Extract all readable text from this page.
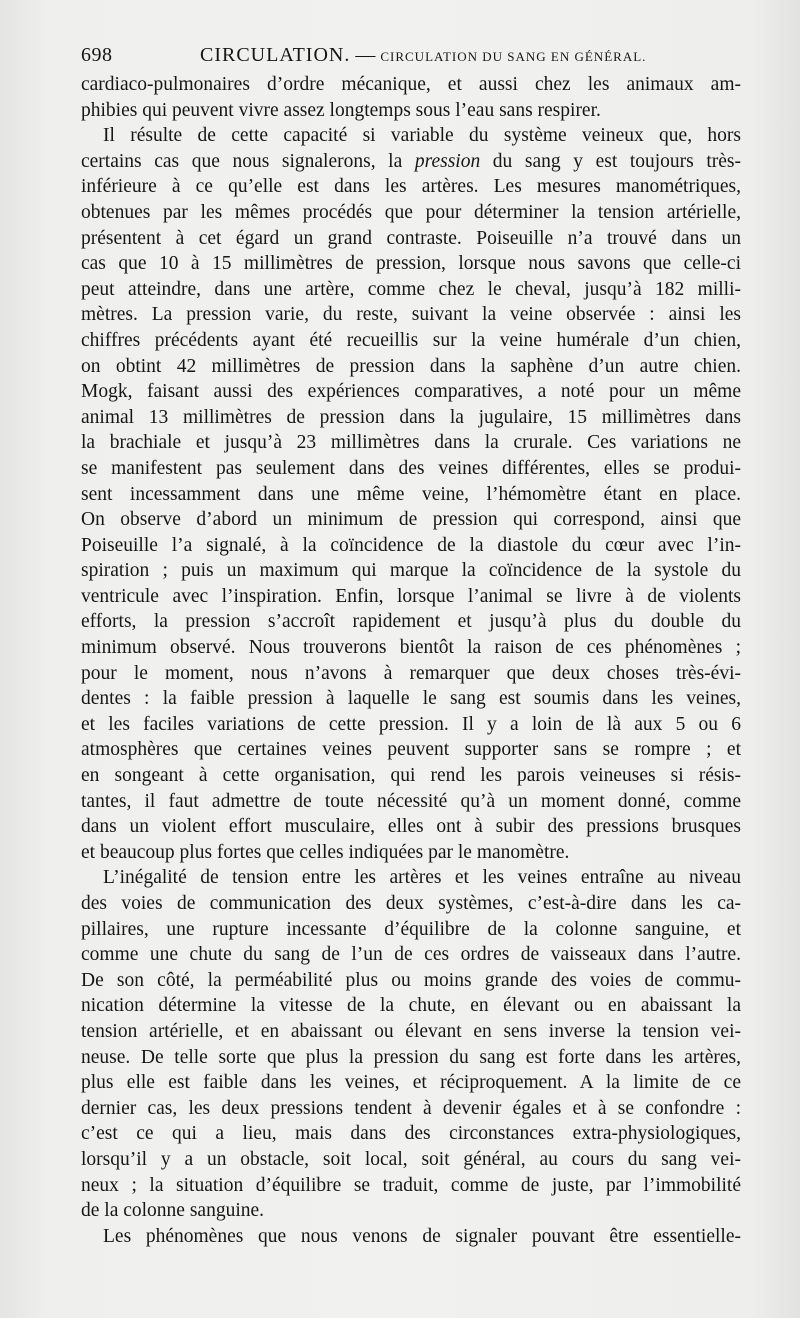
698	CIRCULATION. — CIRCULATION DU SANG EN GÉNÉRAL.
cardiaco-pulmonaires d’ordre mécanique, et aussi chez les animaux am-
phibies qui peuvent vivre assez longtemps sous l’eau sans respirer.
Il résulte de cette capacité si variable du système veineux que, hors
certains cas que nous signalerons, la pression du sang y est toujours très-
inférieure à ce qu’elle est dans les artères. Les mesures manométriques,
obtenues par les mêmes procédés que pour déterminer la tension artérielle,
présentent à cet égard un grand contraste. Poiseuille n’a trouvé dans un
cas que 10 à 15 millimètres de pression, lorsque nous savons que celle-ci
peut atteindre, dans une artère, comme chez le cheval, jusqu’à 182 milli-
mètres. La pression varie, du reste, suivant la veine observée : ainsi les
chiffres précédents ayant été recueillis sur la veine humérale d’un chien,
on obtint 42 millimètres de pression dans la saphène d’un autre chien.
Mogk, faisant aussi des expériences comparatives, a noté pour un même
animal 13 millimètres de pression dans la jugulaire, 15 millimètres dans
la brachiale et jusqu’à 23 millimètres dans la crurale. Ces variations ne
se manifestent pas seulement dans des veines différentes, elles se produi-
sent incessamment dans une même veine, l’hémomètre étant en place.
On observe d’abord un minimum de pression qui correspond, ainsi que
Poiseuille l’a signalé, à la coïncidence de la diastole du cœur avec l’in-
spiration ; puis un maximum qui marque la coïncidence de la systole du
ventricule avec l’inspiration. Enfin, lorsque l’animal se livre à de violents
efforts, la pression s’accroît rapidement et jusqu’à plus du double du
minimum observé. Nous trouverons bientôt la raison de ces phénomènes ;
pour le moment, nous n’avons à remarquer que deux choses très-évi-
dentes : la faible pression à laquelle le sang est soumis dans les veines,
et les faciles variations de cette pression. Il y a loin de là aux 5 ou 6
atmosphères que certaines veines peuvent supporter sans se rompre ; et
en songeant à cette organisation, qui rend les parois veineuses si résis-
tantes, il faut admettre de toute nécessité qu’à un moment donné, comme
dans un violent effort musculaire, elles ont à subir des pressions brusques
et beaucoup plus fortes que celles indiquées par le manomètre.
L’inégalité de tension entre les artères et les veines entraîne au niveau
des voies de communication des deux systèmes, c’est-à-dire dans les ca-
pillaires, une rupture incessante d’équilibre de la colonne sanguine, et
comme une chute du sang de l’un de ces ordres de vaisseaux dans l’autre.
De son côté, la perméabilité plus ou moins grande des voies de commu-
nication détermine la vitesse de la chute, en élevant ou en abaissant la
tension artérielle, et en abaissant ou élevant en sens inverse la tension vei-
neuse. De telle sorte que plus la pression du sang est forte dans les artères,
plus elle est faible dans les veines, et réciproquement. A la limite de ce
dernier cas, les deux pressions tendent à devenir égales et à se confondre :
c’est ce qui a lieu, mais dans des circonstances extra-physiologiques,
lorsqu’il y a un obstacle, soit local, soit général, au cours du sang vei-
neux ; la situation d’équilibre se traduit, comme de juste, par l’immobilité
de la colonne sanguine.
Les phénomènes que nous venons de signaler pouvant être essentielle-
